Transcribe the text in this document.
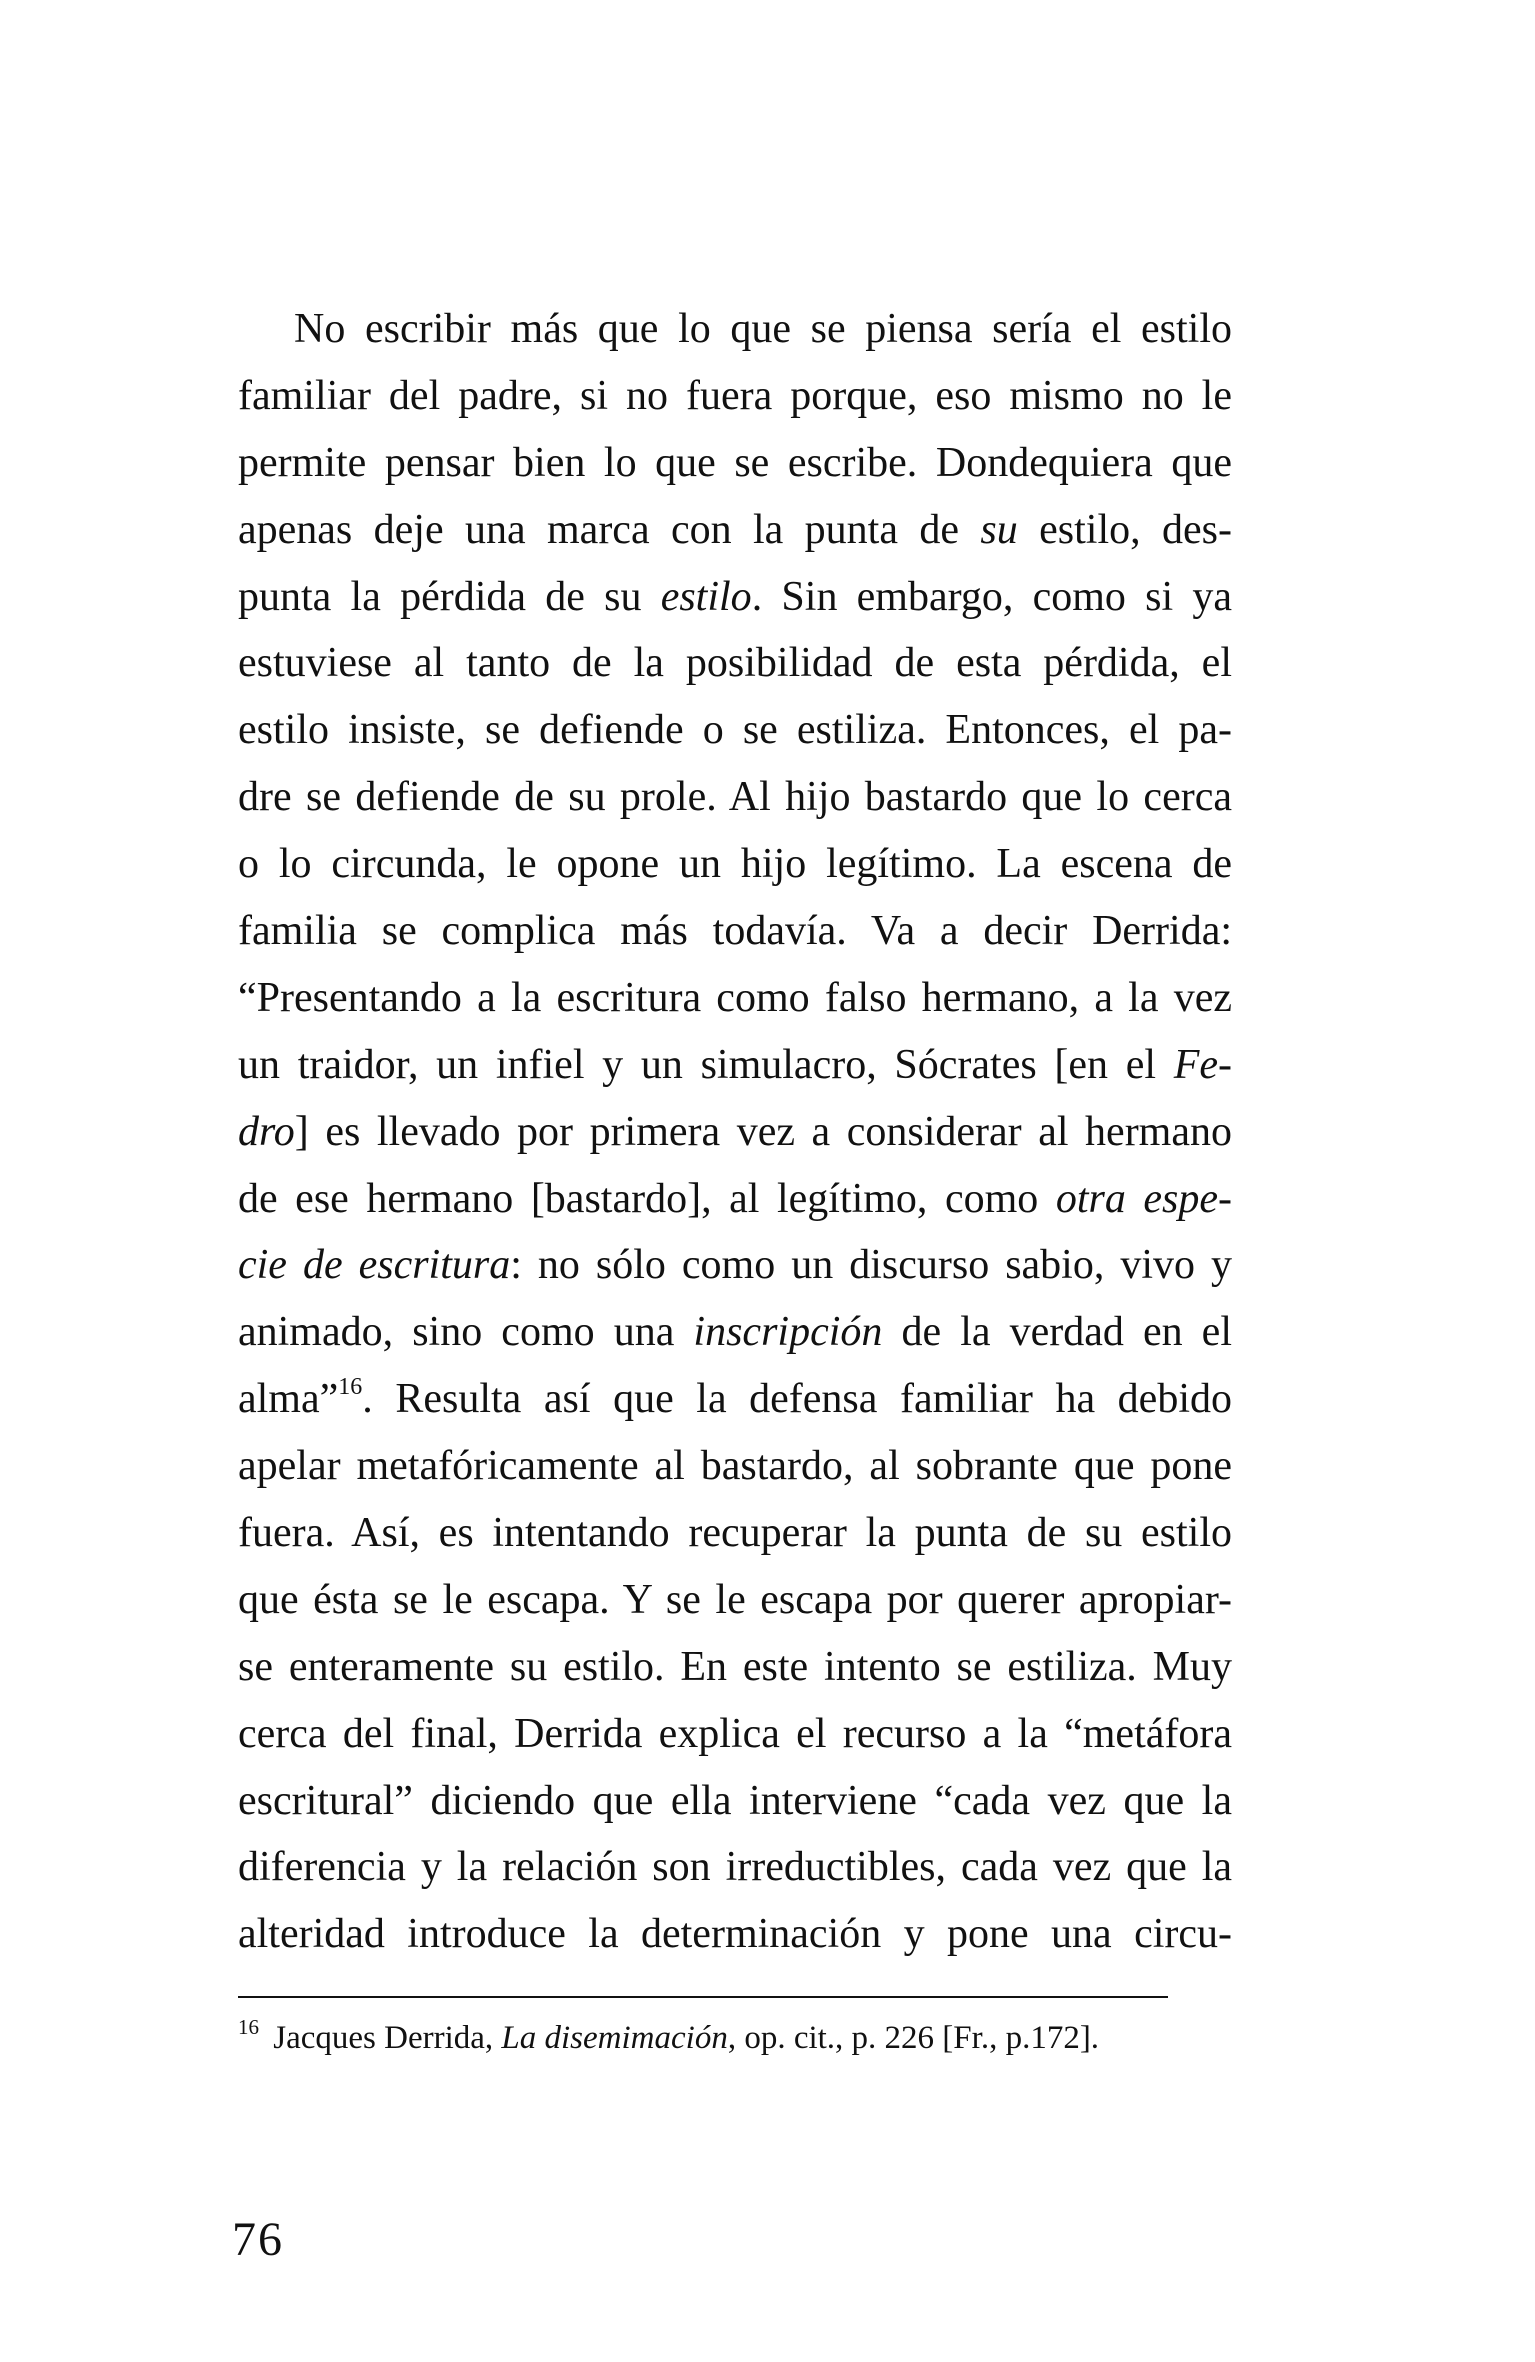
No escribir más que lo que se piensa sería el estilo
familiar del padre, si no fuera porque, eso mismo no le
permite pensar bien lo que se escribe. Dondequiera que
apenas deje una marca con la punta de su estilo, des-
punta la pérdida de su estilo. Sin embargo, como si ya
estuviese al tanto de la posibilidad de esta pérdida, el
estilo insiste, se defiende o se estiliza. Entonces, el pa-
dre se defiende de su prole. Al hijo bastardo que lo cerca
o lo circunda, le opone un hijo legítimo. La escena de
familia se complica más todavía. Va a decir Derrida:
“Presentando a la escritura como falso hermano, a la vez
un traidor, un infiel y un simulacro, Sócrates [en el Fe-
dro] es llevado por primera vez a considerar al hermano
de ese hermano [bastardo], al legítimo, como otra espe-
cie de escritura: no sólo como un discurso sabio, vivo y
animado, sino como una inscripción de la verdad en el
alma”$^{16}$. Resulta así que la defensa familiar ha debido
apelar metafóricamente al bastardo, al sobrante que pone
fuera. Así, es intentando recuperar la punta de su estilo
que ésta se le escapa. Y se le escapa por querer apropiar-
se enteramente su estilo. En este intento se estiliza. Muy
cerca del final, Derrida explica el recurso a la “metáfora
escritural” diciendo que ella interviene “cada vez que la
diferencia y la relación son irreductibles, cada vez que la
alteridad introduce la determinación y pone una circu-
$^{16}$ Jacques Derrida, La disemimación, op. cit., p. 226 [Fr., p.172].
76
